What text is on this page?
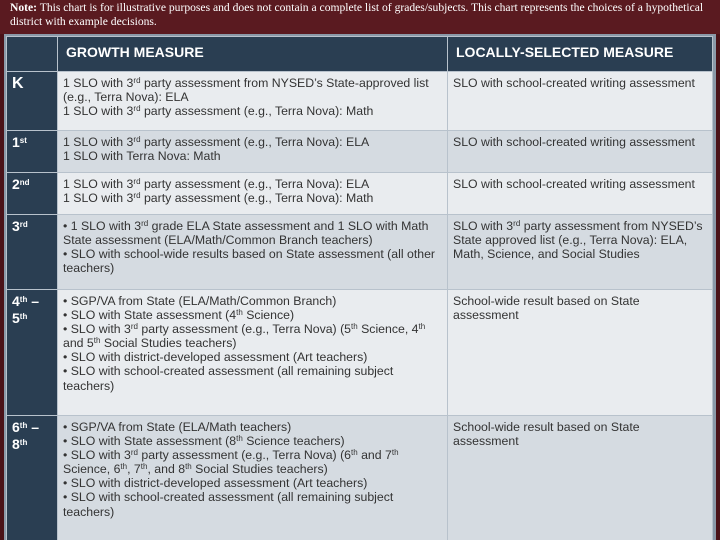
Note: This chart is for illustrative purposes and does not contain a complete list of grades/subjects. This chart represents the choices of a hypothetical district with example decisions.
	GROWTH MEASURE	LOCALLY-SELECTED MEASURE
K	1 SLO with 3rd party assessment from NYSED’s State-approved list (e.g., Terra Nova): ELA
1 SLO with 3rd party assessment (e.g., Terra Nova): Math	SLO with school-created writing assessment

1st	1 SLO with 3rd party assessment (e.g., Terra Nova): ELA
1 SLO with Terra Nova: Math	SLO with school-created writing assessment

2nd	1 SLO with 3rd party assessment (e.g., Terra Nova): ELA
1 SLO with 3rd party assessment (e.g., Terra Nova): Math	SLO with school-created writing assessment

3rd	• 1 SLO with 3rd grade ELA State assessment and 1 SLO with Math State assessment (ELA/Math/Common Branch teachers)
• SLO with school-wide results based on State assessment (all other teachers)	SLO with 3rd party assessment from NYSED’s State approved list (e.g., Terra Nova): ELA, Math, Science, and Social Studies

4th – 5th	• SGP/VA from State (ELA/Math/Common Branch)
• SLO with State assessment (4th Science)
• SLO with 3rd party assessment (e.g., Terra Nova) (5th Science, 4th and 5th Social Studies teachers)
• SLO with district-developed assessment (Art teachers)
• SLO with school-created assessment (all remaining subject teachers)	School-wide result based on State assessment

6th – 8th	• SGP/VA from State (ELA/Math teachers)
• SLO with State assessment (8th Science teachers)
• SLO with 3rd party assessment (e.g., Terra Nova) (6th and 7th Science, 6th, 7th, and 8th Social Studies teachers)
• SLO with district-developed assessment (Art teachers)
• SLO with school-created assessment (all remaining subject teachers)	School-wide result based on State assessment
